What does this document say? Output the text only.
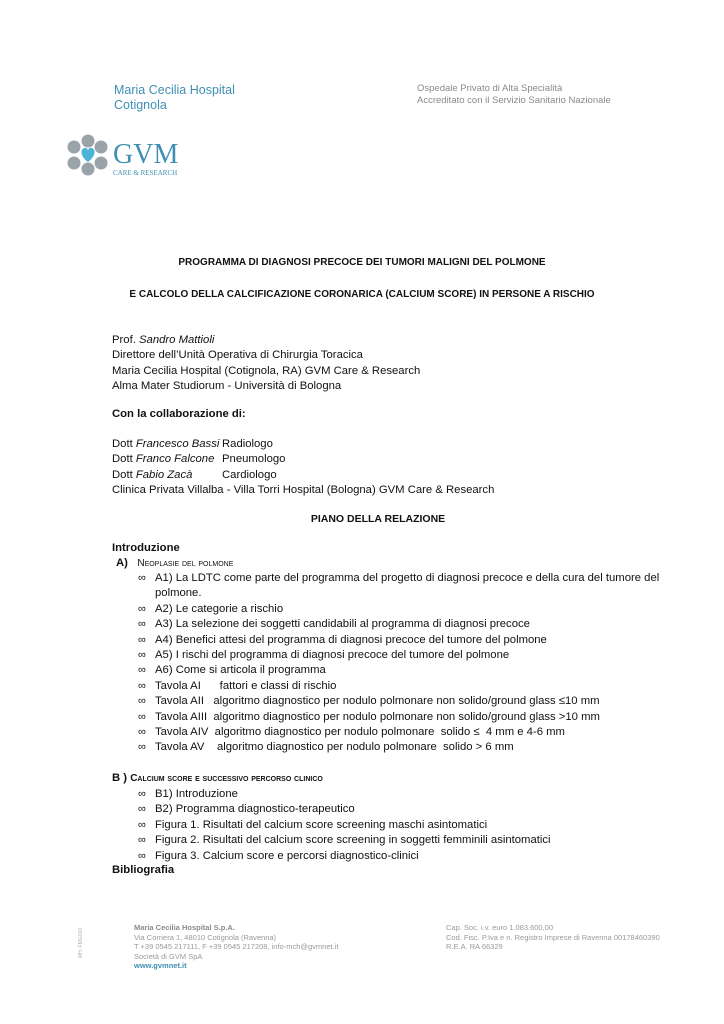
Maria Cecilia Hospital
Cotignola
Ospedale Privato di Alta Specialità
Accreditato con il Servizio Sanitario Nazionale
GVM
CARE & RESEARCH
PROGRAMMA DI DIAGNOSI PRECOCE DEI TUMORI MALIGNI DEL POLMONE
E CALCOLO DELLA CALCIFICAZIONE CORONARICA (CALCIUM SCORE) IN PERSONE A RISCHIO
Prof. Sandro Mattioli
Direttore dell’Unità Operativa di Chirurgia Toracica
Maria Cecilia Hospital (Cotignola, RA) GVM Care & Research
Alma Mater Studiorum - Università di Bologna
Con la collaborazione di:
Dott Francesco Bassi Radiologo
Dott Franco Falcone Pneumologo
Dott Fabio Zacà	Cardiologo
Clinica Privata Villalba - Villa Torri Hospital (Bologna) GVM Care & Research
PIANO DELLA RELAZIONE
Introduzione
A) Neoplasie del polmone
∞ A1) La LDTC come parte del programma del progetto di diagnosi precoce e della cura del tumore del polmone.
∞ A2) Le categorie a rischio
∞ A3) La selezione dei soggetti candidabili al programma di diagnosi precoce
∞ A4) Benefici attesi del programma di diagnosi precoce del tumore del polmone
∞ A5) I rischi del programma di diagnosi precoce del tumore del polmone
∞ A6) Come si articola il programma
∞ Tavola AI      fattori e classi di rischio
∞ Tavola AII   algoritmo diagnostico per nodulo polmonare non solido/ground glass ≤10 mm
∞ Tavola AIII  algoritmo diagnostico per nodulo polmonare non solido/ground glass >10 mm
∞ Tavola AIV  algoritmo diagnostico per nodulo polmonare  solido ≤  4 mm e 4-6 mm
∞ Tavola AV    algoritmo diagnostico per nodulo polmonare  solido > 6 mm
B ) Calcium score e successivo percorso clinico
∞ B1) Introduzione
∞ B2) Programma diagnostico-terapeutico
∞ Figura 1. Risultati del calcium score screening maschi asintomatici
∞ Figura 2. Risultati del calcium score screening in soggetti femminili asintomatici
∞ Figura 3. Calcium score e percorsi diagnostico-clinici
Bibliografia
MH. FMG010
Maria Cecilia Hospital S.p.A.
Via Corriera 1, 48010 Cotignola (Ravenna)
T +39 0545 217111, F +39 0545 217208, info-mch@gvmnet.it
Società di GVM SpA
www.gvmnet.it
Cap. Soc. i.v. euro 1.083.600,00
Cod. Fisc. P.Iva e n. Registro Imprese di Ravenna 00178460390
R.E.A. RA 66329
